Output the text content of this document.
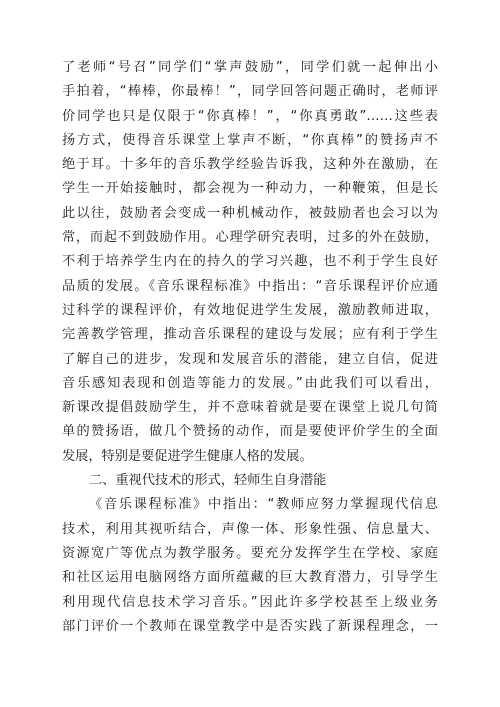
了老师“号召”同学们“掌声鼓励”，同学们就一起伸出小
手拍着，“棒棒，你最棒！”，同学回答问题正确时，老师评
价同学也只是仅限于“你真棒！”，“你真勇敢”……这些表
扬方式，使得音乐课堂上掌声不断，“你真棒”的赞扬声不
绝于耳。十多年的音乐教学经验告诉我，这种外在激励，在
学生一开始接触时，都会视为一种动力，一种鞭策，但是长
此以往，鼓励者会变成一种机械动作，被鼓励者也会习以为
常，而起不到鼓励作用。心理学研究表明，过多的外在鼓励，
不利于培养学生内在的持久的学习兴趣，也不利于学生良好
品质的发展。《音乐课程标准》中指出：“音乐课程评价应通
过科学的课程评价，有效地促进学生发展，激励教师进取，
完善教学管理，推动音乐课程的建设与发展；应有利于学生
了解自己的进步，发现和发展音乐的潜能，建立自信，促进
音乐感知表现和创造等能力的发展。”由此我们可以看出，
新课改提倡鼓励学生，并不意味着就是要在课堂上说几句简
单的赞扬语，做几个赞扬的动作，而是要使评价学生的全面
发展，特别是要促进学生健康人格的发展。
二、重视代技术的形式，轻师生自身潜能
《音乐课程标准》中指出：“教师应努力掌握现代信息
技术，利用其视听结合，声像一体、形象性强、信息量大、
资源宽广等优点为教学服务。要充分发挥学生在学校、家庭
和社区运用电脑网络方面所蕴藏的巨大教育潜力，引导学生
利用现代信息技术学习音乐。”因此许多学校甚至上级业务
部门评价一个教师在课堂教学中是否实践了新课程理念，一
